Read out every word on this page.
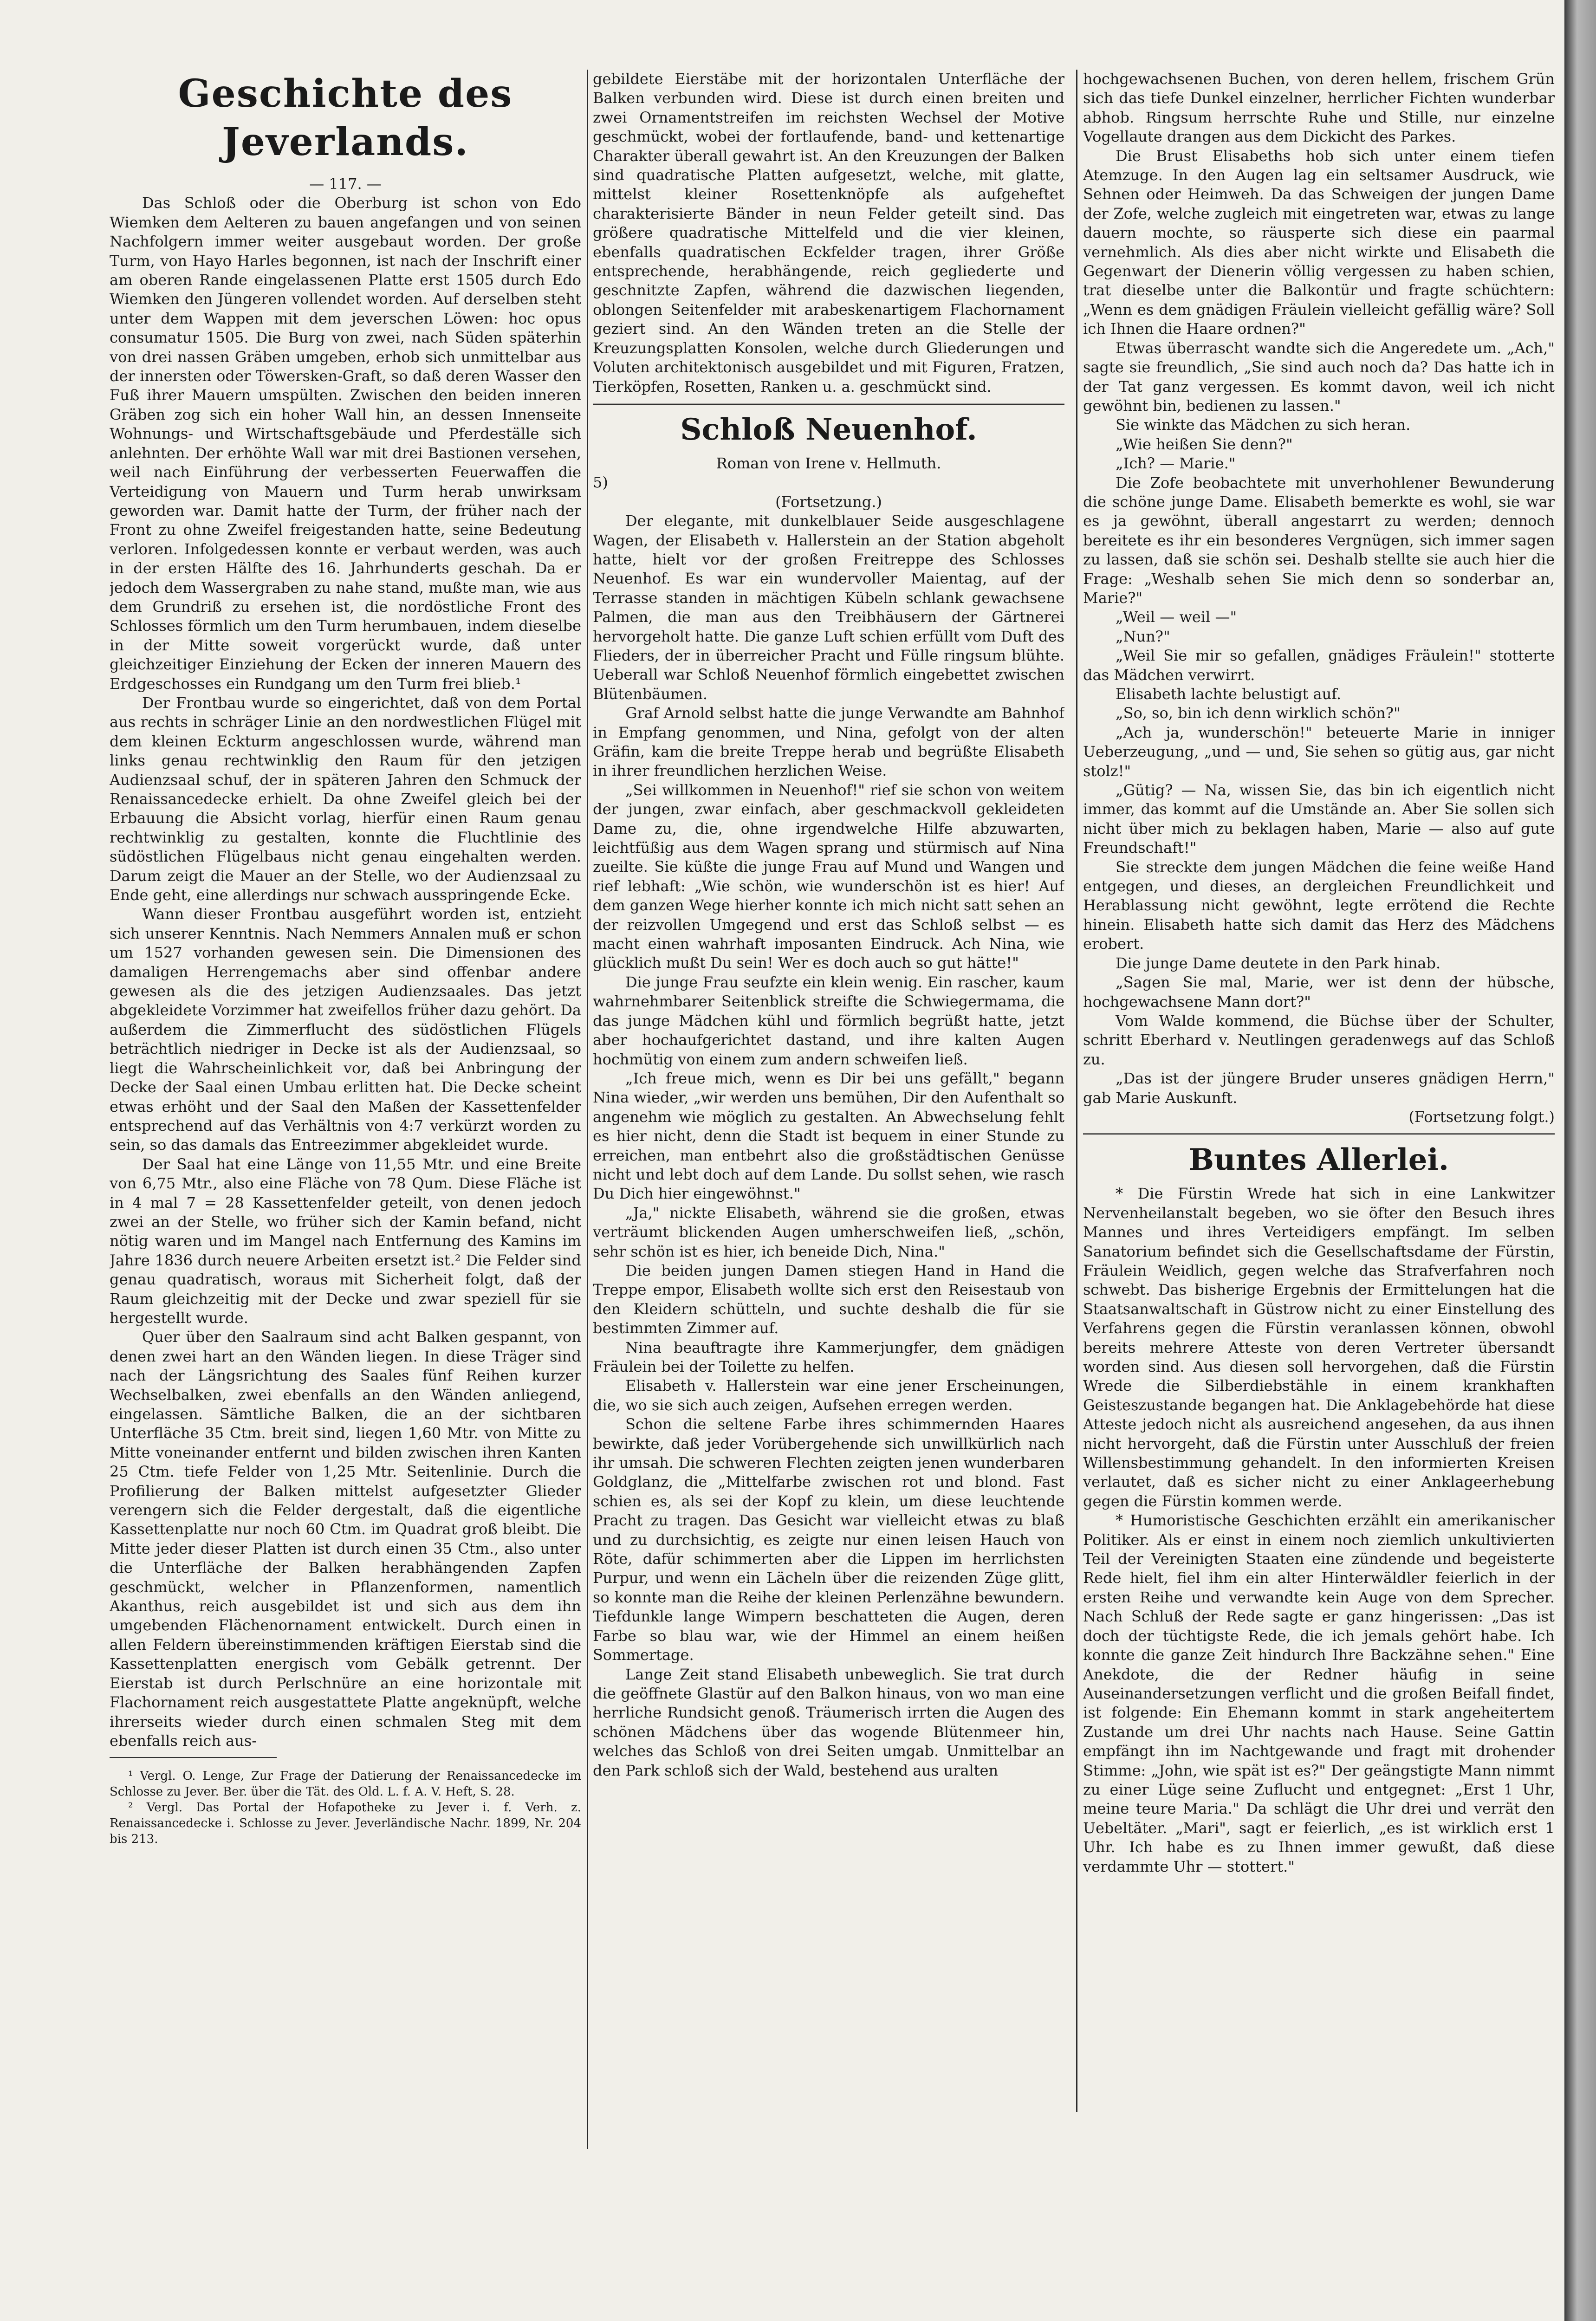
Geschichte des Jeverlands.

— 117. —

Das Schloß oder die Oberburg ist schon von Edo Wiemken dem Aelteren zu bauen angefangen und von seinen Nachfolgern immer weiter ausgebaut worden. Der große Turm, von Hayo Harles begonnen, ist nach der Inschrift einer am oberen Rande eingelassenen Platte erst 1505 durch Edo Wiemken den Jüngeren vollendet worden. Auf derselben steht unter dem Wappen mit dem jeverschen Löwen: hoc opus consumatur 1505. Die Burg von zwei, nach Süden späterhin von drei nassen Gräben umgeben, erhob sich unmittelbar aus der innersten oder Töwersken-Graft, so daß deren Wasser den Fuß ihrer Mauern umspülten. Zwischen den beiden inneren Gräben zog sich ein hoher Wall hin, an dessen Innenseite Wohnungs- und Wirtschaftsgebäude und Pferdeställe sich anlehnten. Der erhöhte Wall war mit drei Bastionen versehen, weil nach Einführung der verbesserten Feuerwaffen die Verteidigung von Mauern und Turm herab unwirksam geworden war. Damit hatte der Turm, der früher nach der Front zu ohne Zweifel freigestanden hatte, seine Bedeutung verloren. Infolgedessen konnte er verbaut werden, was auch in der ersten Hälfte des 16. Jahrhunderts geschah. Da er jedoch dem Wassergraben zu nahe stand, mußte man, wie aus dem Grundriß zu ersehen ist, die nordöstliche Front des Schlosses förmlich um den Turm herumbauen, indem dieselbe in der Mitte soweit vorgerückt wurde, daß unter gleichzeitiger Einziehung der Ecken der inneren Mauern des Erdgeschosses ein Rundgang um den Turm frei blieb.¹

Der Frontbau wurde so eingerichtet, daß von dem Portal aus rechts in schräger Linie an den nordwestlichen Flügel mit dem kleinen Eckturm angeschlossen wurde, während man links genau rechtwinklig den Raum für den jetzigen Audienzsaal schuf, der in späteren Jahren den Schmuck der Renaissancedecke erhielt. Da ohne Zweifel gleich bei der Erbauung die Absicht vorlag, hierfür einen Raum genau rechtwinklig zu gestalten, konnte die Fluchtlinie des südöstlichen Flügelbaus nicht genau eingehalten werden. Darum zeigt die Mauer an der Stelle, wo der Audienzsaal zu Ende geht, eine allerdings nur schwach ausspringende Ecke.

Wann dieser Frontbau ausgeführt worden ist, entzieht sich unserer Kenntnis. Nach Nemmers Annalen muß er schon um 1527 vorhanden gewesen sein. Die Dimensionen des damaligen Herrengemachs aber sind offenbar andere gewesen als die des jetzigen Audienzsaales. Das jetzt abgekleidete Vorzimmer hat zweifellos früher dazu gehört. Da außerdem die Zimmerflucht des südöstlichen Flügels beträchtlich niedriger in Decke ist als der Audienzsaal, so liegt die Wahrscheinlichkeit vor, daß bei Anbringung der Decke der Saal einen Umbau erlitten hat. Die Decke scheint etwas erhöht und der Saal den Maßen der Kassettenfelder entsprechend auf das Verhältnis von 4:7 verkürzt worden zu sein, so das damals das Entreezimmer abgekleidet wurde.

Der Saal hat eine Länge von 11,55 Mtr. und eine Breite von 6,75 Mtr., also eine Fläche von 78 Qum. Diese Fläche ist in 4 mal 7 = 28 Kassettenfelder geteilt, von denen jedoch zwei an der Stelle, wo früher sich der Kamin befand, nicht nötig waren und im Mangel nach Entfernung des Kamins im Jahre 1836 durch neuere Arbeiten ersetzt ist.² Die Felder sind genau quadratisch, woraus mit Sicherheit folgt, daß der Raum gleichzeitig mit der Decke und zwar speziell für sie hergestellt wurde.

Quer über den Saalraum sind acht Balken gespannt, von denen zwei hart an den Wänden liegen. In diese Träger sind nach der Längsrichtung des Saales fünf Reihen kurzer Wechselbalken, zwei ebenfalls an den Wänden anliegend, eingelassen. Sämtliche Balken, die an der sichtbaren Unterfläche 35 Ctm. breit sind, liegen 1,60 Mtr. von Mitte zu Mitte voneinander entfernt und bilden zwischen ihren Kanten 25 Ctm. tiefe Felder von 1,25 Mtr. Seitenlinie. Durch die Profilierung der Balken mittelst aufgesetzter Glieder verengern sich die Felder dergestalt, daß die eigentliche Kassettenplatte nur noch 60 Ctm. im Quadrat groß bleibt. Die Mitte jeder dieser Platten ist durch einen 35 Ctm., also unter die Unterfläche der Balken herabhängenden Zapfen geschmückt, welcher in Pflanzenformen, namentlich Akanthus, reich ausgebildet ist und sich aus dem ihn umgebenden Flächenornament entwickelt. Durch einen in allen Feldern übereinstimmenden kräftigen Eierstab sind die Kassettenplatten energisch vom Gebälk getrennt. Der Eierstab ist durch Perlschnüre an eine horizontale mit Flachornament reich ausgestattete Platte angeknüpft, welche ihrerseits wieder durch einen schmalen Steg mit dem ebenfalls reich aus-

¹ Vergl. O. Lenge, Zur Frage der Datierung der Renaissancedecke im Schlosse zu Jever. Ber. über die Tät. des Old. L. f. A. V. Heft, S. 28.

² Vergl. Das Portal der Hofapotheke zu Jever i. f. Verh. z. Renaissancedecke i. Schlosse zu Jever. Jeverländische Nachr. 1899, Nr. 204 bis 213.

gebildete Eierstäbe mit der horizontalen Unterfläche der Balken verbunden wird. Diese ist durch einen breiten und zwei Ornamentstreifen im reichsten Wechsel der Motive geschmückt, wobei der fortlaufende, band- und kettenartige Charakter überall gewahrt ist. An den Kreuzungen der Balken sind quadratische Platten aufgesetzt, welche, mit glatte, mittelst kleiner Rosettenknöpfe als aufgeheftet charakterisierte Bänder in neun Felder geteilt sind. Das größere quadratische Mittelfeld und die vier kleinen, ebenfalls quadratischen Eckfelder tragen, ihrer Größe entsprechende, herabhängende, reich gegliederte und geschnitzte Zapfen, während die dazwischen liegenden, oblongen Seitenfelder mit arabeskenartigem Flachornament geziert sind. An den Wänden treten an die Stelle der Kreuzungsplatten Konsolen, welche durch Gliederungen und Voluten architektonisch ausgebildet und mit Figuren, Fratzen, Tierköpfen, Rosetten, Ranken u. a. geschmückt sind.

Schloß Neuenhof.

Roman von Irene v. Hellmuth.

5)

(Fortsetzung.)

Der elegante, mit dunkelblauer Seide ausgeschlagene Wagen, der Elisabeth v. Hallerstein an der Station abgeholt hatte, hielt vor der großen Freitreppe des Schlosses Neuenhof. Es war ein wundervoller Maientag, auf der Terrasse standen in mächtigen Kübeln schlank gewachsene Palmen, die man aus den Treibhäusern der Gärtnerei hervorgeholt hatte. Die ganze Luft schien erfüllt vom Duft des Flieders, der in überreicher Pracht und Fülle ringsum blühte. Ueberall war Schloß Neuenhof förmlich eingebettet zwischen Blütenbäumen.

Graf Arnold selbst hatte die junge Verwandte am Bahnhof in Empfang genommen, und Nina, gefolgt von der alten Gräfin, kam die breite Treppe herab und begrüßte Elisabeth in ihrer freundlichen herzlichen Weise.

„Sei willkommen in Neuenhof!" rief sie schon von weitem der jungen, zwar einfach, aber geschmackvoll gekleideten Dame zu, die, ohne irgendwelche Hilfe abzuwarten, leichtfüßig aus dem Wagen sprang und stürmisch auf Nina zueilte. Sie küßte die junge Frau auf Mund und Wangen und rief lebhaft: „Wie schön, wie wunderschön ist es hier! Auf dem ganzen Wege hierher konnte ich mich nicht satt sehen an der reizvollen Umgegend und erst das Schloß selbst — es macht einen wahrhaft imposanten Eindruck. Ach Nina, wie glücklich mußt Du sein! Wer es doch auch so gut hätte!"

Die junge Frau seufzte ein klein wenig. Ein rascher, kaum wahrnehmbarer Seitenblick streifte die Schwiegermama, die das junge Mädchen kühl und förmlich begrüßt hatte, jetzt aber hochaufgerichtet dastand, und ihre kalten Augen hochmütig von einem zum andern schweifen ließ.

„Ich freue mich, wenn es Dir bei uns gefällt," begann Nina wieder, „wir werden uns bemühen, Dir den Aufenthalt so angenehm wie möglich zu gestalten. An Abwechselung fehlt es hier nicht, denn die Stadt ist bequem in einer Stunde zu erreichen, man entbehrt also die großstädtischen Genüsse nicht und lebt doch auf dem Lande. Du sollst sehen, wie rasch Du Dich hier eingewöhnst."

„Ja," nickte Elisabeth, während sie die großen, etwas verträumt blickenden Augen umherschweifen ließ, „schön, sehr schön ist es hier, ich beneide Dich, Nina."

Die beiden jungen Damen stiegen Hand in Hand die Treppe empor, Elisabeth wollte sich erst den Reisestaub von den Kleidern schütteln, und suchte deshalb die für sie bestimmten Zimmer auf.

Nina beauftragte ihre Kammerjungfer, dem gnädigen Fräulein bei der Toilette zu helfen.

Elisabeth v. Hallerstein war eine jener Erscheinungen, die, wo sie sich auch zeigen, Aufsehen erregen werden.

Schon die seltene Farbe ihres schimmernden Haares bewirkte, daß jeder Vorübergehende sich unwillkürlich nach ihr umsah. Die schweren Flechten zeigten jenen wunderbaren Goldglanz, die „Mittelfarbe zwischen rot und blond. Fast schien es, als sei der Kopf zu klein, um diese leuchtende Pracht zu tragen. Das Gesicht war vielleicht etwas zu blaß und zu durchsichtig, es zeigte nur einen leisen Hauch von Röte, dafür schimmerten aber die Lippen im herrlichsten Purpur, und wenn ein Lächeln über die reizenden Züge glitt, so konnte man die Reihe der kleinen Perlenzähne bewundern. Tiefdunkle lange Wimpern beschatteten die Augen, deren Farbe so blau war, wie der Himmel an einem heißen Sommertage.

Lange Zeit stand Elisabeth unbeweglich. Sie trat durch die geöffnete Glastür auf den Balkon hinaus, von wo man eine herrliche Rundsicht genoß. Träumerisch irrten die Augen des schönen Mädchens über das wogende Blütenmeer hin, welches das Schloß von drei Seiten umgab. Unmittelbar an den Park schloß sich der Wald, bestehend aus uralten

hochgewachsenen Buchen, von deren hellem, frischem Grün sich das tiefe Dunkel einzelner, herrlicher Fichten wunderbar abhob. Ringsum herrschte Ruhe und Stille, nur einzelne Vogellaute drangen aus dem Dickicht des Parkes.

Die Brust Elisabeths hob sich unter einem tiefen Atemzuge. In den Augen lag ein seltsamer Ausdruck, wie Sehnen oder Heimweh. Da das Schweigen der jungen Dame der Zofe, welche zugleich mit eingetreten war, etwas zu lange dauern mochte, so räusperte sich diese ein paarmal vernehmlich. Als dies aber nicht wirkte und Elisabeth die Gegenwart der Dienerin völlig vergessen zu haben schien, trat dieselbe unter die Balkontür und fragte schüchtern: „Wenn es dem gnädigen Fräulein vielleicht gefällig wäre? Soll ich Ihnen die Haare ordnen?"

Etwas überrascht wandte sich die Angeredete um. „Ach," sagte sie freundlich, „Sie sind auch noch da? Das hatte ich in der Tat ganz vergessen. Es kommt davon, weil ich nicht gewöhnt bin, bedienen zu lassen."

Sie winkte das Mädchen zu sich heran.

„Wie heißen Sie denn?"

„Ich? — Marie."

Die Zofe beobachtete mit unverhohlener Bewunderung die schöne junge Dame. Elisabeth bemerkte es wohl, sie war es ja gewöhnt, überall angestarrt zu werden; dennoch bereitete es ihr ein besonderes Vergnügen, sich immer sagen zu lassen, daß sie schön sei. Deshalb stellte sie auch hier die Frage: „Weshalb sehen Sie mich denn so sonderbar an, Marie?"

„Weil — weil —"

„Nun?"

„Weil Sie mir so gefallen, gnädiges Fräulein!" stotterte das Mädchen verwirrt.

Elisabeth lachte belustigt auf.

„So, so, bin ich denn wirklich schön?"

„Ach ja, wunderschön!" beteuerte Marie in inniger Ueberzeugung, „und — und, Sie sehen so gütig aus, gar nicht stolz!"

„Gütig? — Na, wissen Sie, das bin ich eigentlich nicht immer, das kommt auf die Umstände an. Aber Sie sollen sich nicht über mich zu beklagen haben, Marie — also auf gute Freundschaft!"

Sie streckte dem jungen Mädchen die feine weiße Hand entgegen, und dieses, an dergleichen Freundlichkeit und Herablassung nicht gewöhnt, legte errötend die Rechte hinein. Elisabeth hatte sich damit das Herz des Mädchens erobert.

Die junge Dame deutete in den Park hinab.

„Sagen Sie mal, Marie, wer ist denn der hübsche, hochgewachsene Mann dort?"

Vom Walde kommend, die Büchse über der Schulter, schritt Eberhard v. Neutlingen geradenwegs auf das Schloß zu.

„Das ist der jüngere Bruder unseres gnädigen Herrn," gab Marie Auskunft.

(Fortsetzung folgt.)

Buntes Allerlei.

* Die Fürstin Wrede hat sich in eine Lankwitzer Nervenheilanstalt begeben, wo sie öfter den Besuch ihres Mannes und ihres Verteidigers empfängt. Im selben Sanatorium befindet sich die Gesellschaftsdame der Fürstin, Fräulein Weidlich, gegen welche das Strafverfahren noch schwebt. Das bisherige Ergebnis der Ermittelungen hat die Staatsanwaltschaft in Güstrow nicht zu einer Einstellung des Verfahrens gegen die Fürstin veranlassen können, obwohl bereits mehrere Atteste von deren Vertreter übersandt worden sind. Aus diesen soll hervorgehen, daß die Fürstin Wrede die Silberdiebstähle in einem krankhaften Geisteszustande begangen hat. Die Anklagebehörde hat diese Atteste jedoch nicht als ausreichend angesehen, da aus ihnen nicht hervorgeht, daß die Fürstin unter Ausschluß der freien Willensbestimmung gehandelt. In den informierten Kreisen verlautet, daß es sicher nicht zu einer Anklageerhebung gegen die Fürstin kommen werde.

* Humoristische Geschichten erzählt ein amerikanischer Politiker. Als er einst in einem noch ziemlich unkultivierten Teil der Vereinigten Staaten eine zündende und begeisterte Rede hielt, fiel ihm ein alter Hinterwäldler feierlich in der ersten Reihe und verwandte kein Auge von dem Sprecher. Nach Schluß der Rede sagte er ganz hingerissen: „Das ist doch der tüchtigste Rede, die ich jemals gehört habe. Ich konnte die ganze Zeit hindurch Ihre Backzähne sehen." Eine Anekdote, die der Redner häufig in seine Auseinandersetzungen verflicht und die großen Beifall findet, ist folgende: Ein Ehemann kommt in stark angeheitertem Zustande um drei Uhr nachts nach Hause. Seine Gattin empfängt ihn im Nachtgewande und fragt mit drohender Stimme: „John, wie spät ist es?" Der geängstigte Mann nimmt zu einer Lüge seine Zuflucht und entgegnet: „Erst 1 Uhr, meine teure Maria." Da schlägt die Uhr drei und verrät den Uebeltäter. „Mari", sagt er feierlich, „es ist wirklich erst 1 Uhr. Ich habe es zu Ihnen immer gewußt, daß diese verdammte Uhr — stottert."
